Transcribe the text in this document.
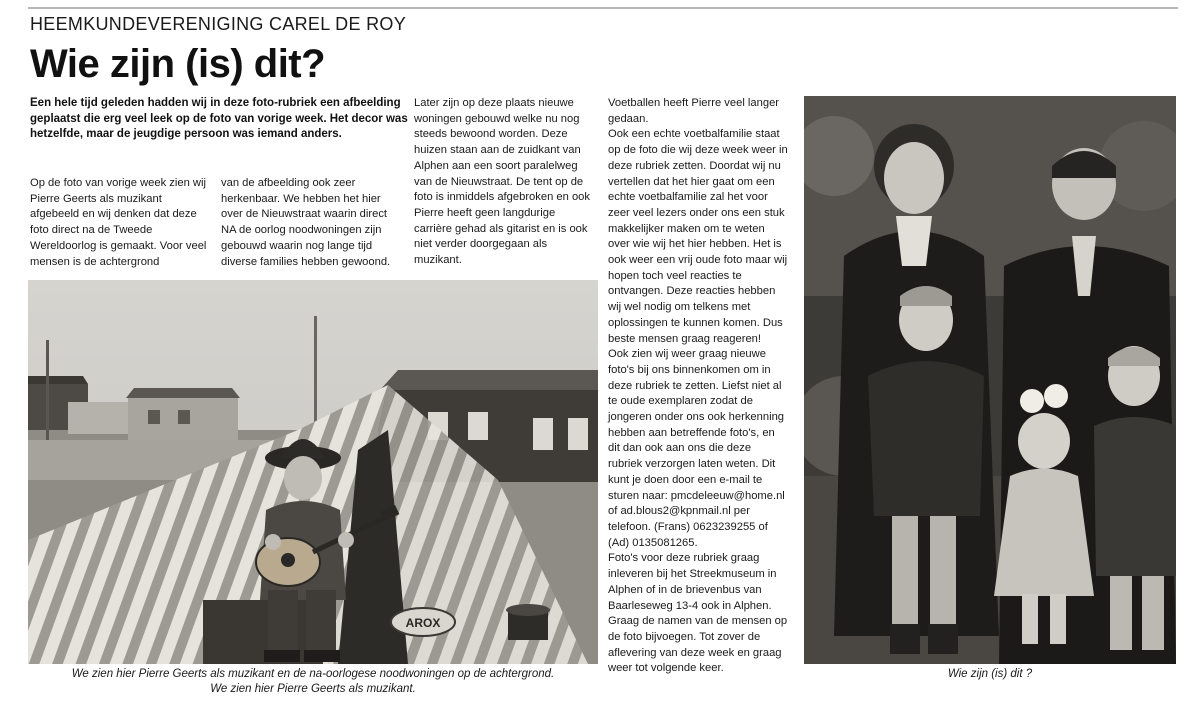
HEEMKUNDEVERENIGING CAREL DE ROY
Wie zijn (is) dit?
Een hele tijd geleden hadden wij in deze foto-rubriek een afbeelding geplaatst die erg veel leek op de foto van vorige week. Het decor was hetzelfde, maar de jeugdige persoon was iemand anders.
Op de foto van vorige week zien wij Pierre Geerts als muzikant afgebeeld en wij denken dat deze foto direct na de Tweede Wereldoorlog is gemaakt. Voor veel mensen is de achtergrond
van de afbeelding ook zeer herkenbaar. We hebben het hier over de Nieuwstraat waarin direct NA de oorlog noodwoningen zijn gebouwd waarin nog lange tijd diverse families hebben gewoond.
Later zijn op deze plaats nieuwe woningen gebouwd welke nu nog steeds bewoond worden. Deze huizen staan aan de zuidkant van Alphen aan een soort paralelweg van de Nieuwstraat. De tent op de foto is inmiddels afgebroken en ook Pierre heeft geen langdurige carrière gehad als gitarist en is ook niet verder doorgegaan als muzikant.

Voetballen heeft Pierre veel langer gedaan.

Ook een echte voetbalfamilie staat op de foto die wij deze week weer in deze rubriek zetten. Doordat wij nu vertellen dat het hier gaat om een echte voetbalfamilie zal het voor zeer veel lezers onder ons een stuk makkelijker maken om te weten over wie wij het hier hebben. Het is ook weer een vrij oude foto maar wij hopen toch veel reacties te ontvangen. Deze reacties hebben wij wel nodig om telkens met oplossingen te kunnen komen. Dus beste mensen graag reageren!

Ook zien wij weer graag nieuwe foto's bij ons binnenkomen om in deze rubriek te zetten. Liefst niet al te oude exemplaren zodat de jongeren onder ons ook herkenning hebben aan betreffende foto's, en dit dan ook aan ons die deze rubriek verzorgen laten weten. Dit kunt je doen door een e-mail te sturen naar: pmcdeleeuw@home.nl of ad.blous2@kpnmail.nl per telefoon. (Frans) 0623239255 of (Ad) 0135081265.

Foto's voor deze rubriek graag inleveren bij het Streekmuseum in Alphen of in de brievenbus van Baarleseweg 13-4 ook in Alphen. Graag de namen van de mensen op de foto bijvoegen. Tot zover de aflevering van deze week en graag weer tot volgende keer.

AROX
We zien hier Pierre Geerts als muzikant en de na-oorlogese noodwoningen op de achtergrond.
We zien hier Pierre Geerts als muzikant.
Wie zijn (is) dit ?
